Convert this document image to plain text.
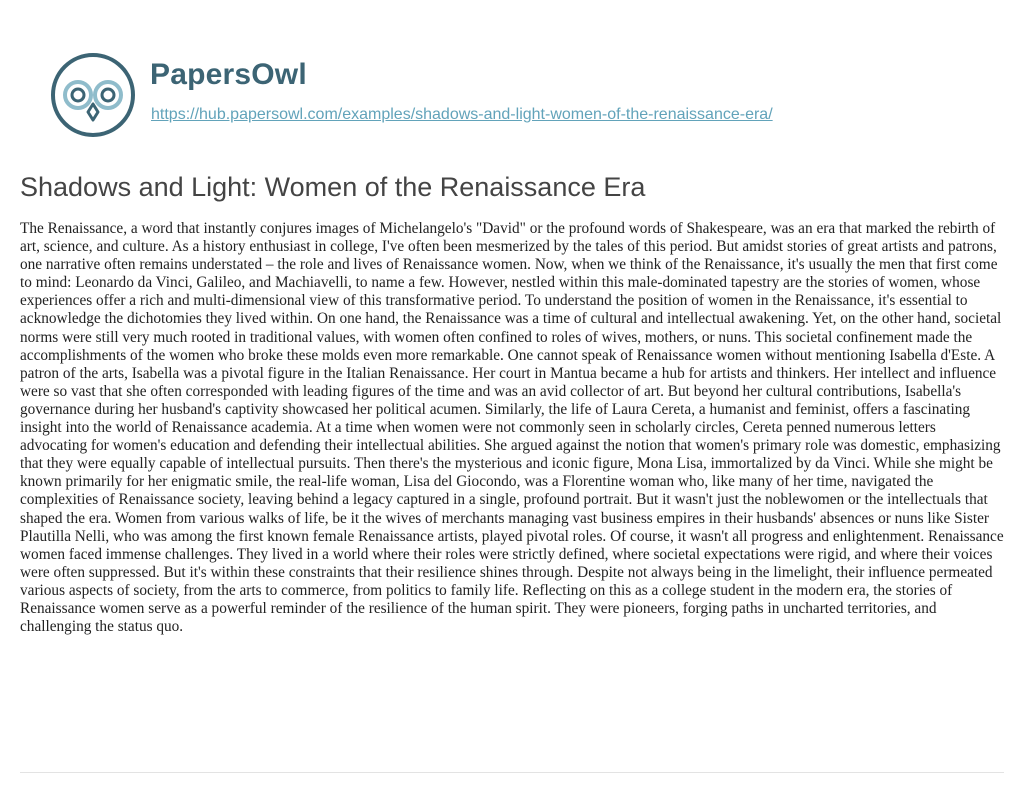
PapersOwl
https://hub.papersowl.com/examples/shadows-and-light-women-of-the-renaissance-era/
Shadows and Light: Women of the Renaissance Era

The Renaissance, a word that instantly conjures images of Michelangelo's "David" or the profound words of Shakespeare, was an era that marked the rebirth of art, science, and culture. As a history enthusiast in college, I've often been mesmerized by the tales of this period. But amidst stories of great artists and patrons, one narrative often remains understated – the role and lives of Renaissance women. Now, when we think of the Renaissance, it's usually the men that first come to mind: Leonardo da Vinci, Galileo, and Machiavelli, to name a few. However, nestled within this male-dominated tapestry are the stories of women, whose experiences offer a rich and multi-dimensional view of this transformative period. To understand the position of women in the Renaissance, it's essential to acknowledge the dichotomies they lived within. On one hand, the Renaissance was a time of cultural and intellectual awakening. Yet, on the other hand, societal norms were still very much rooted in traditional values, with women often confined to roles of wives, mothers, or nuns. This societal confinement made the accomplishments of the women who broke these molds even more remarkable. One cannot speak of Renaissance women without mentioning Isabella d'Este. A patron of the arts, Isabella was a pivotal figure in the Italian Renaissance. Her court in Mantua became a hub for artists and thinkers. Her intellect and influence were so vast that she often corresponded with leading figures of the time and was an avid collector of art. But beyond her cultural contributions, Isabella's governance during her husband's captivity showcased her political acumen. Similarly, the life of Laura Cereta, a humanist and feminist, offers a fascinating insight into the world of Renaissance academia. At a time when women were not commonly seen in scholarly circles, Cereta penned numerous letters advocating for women's education and defending their intellectual abilities. She argued against the notion that women's primary role was domestic, emphasizing that they were equally capable of intellectual pursuits. Then there's the mysterious and iconic figure, Mona Lisa, immortalized by da Vinci. While she might be known primarily for her enigmatic smile, the real-life woman, Lisa del Giocondo, was a Florentine woman who, like many of her time, navigated the complexities of Renaissance society, leaving behind a legacy captured in a single, profound portrait. But it wasn't just the noblewomen or the intellectuals that shaped the era. Women from various walks of life, be it the wives of merchants managing vast business empires in their husbands' absences or nuns like Sister Plautilla Nelli, who was among the first known female Renaissance artists, played pivotal roles. Of course, it wasn't all progress and enlightenment. Renaissance women faced immense challenges. They lived in a world where their roles were strictly defined, where societal expectations were rigid, and where their voices were often suppressed. But it's within these constraints that their resilience shines through. Despite not always being in the limelight, their influence permeated various aspects of society, from the arts to commerce, from politics to family life. Reflecting on this as a college student in the modern era, the stories of Renaissance women serve as a powerful reminder of the resilience of the human spirit. They were pioneers, forging paths in uncharted territories, and challenging the status quo.
